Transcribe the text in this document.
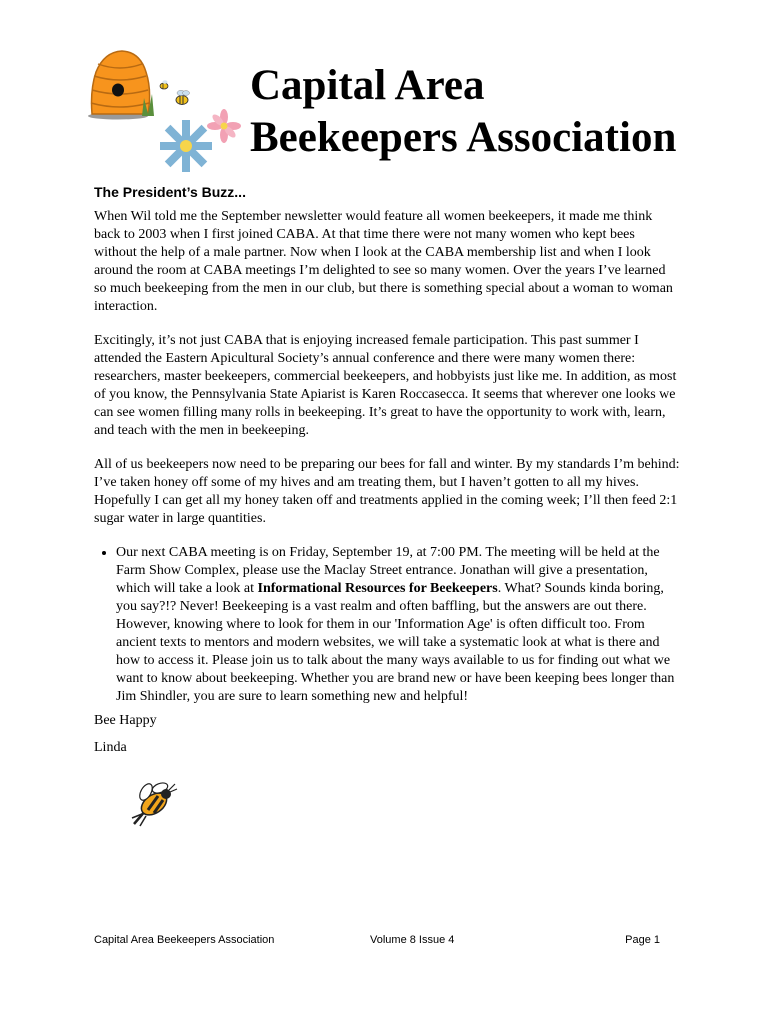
Capital Area
Beekeepers Association
The President’s Buzz...

When Wil told me the September newsletter would feature all women beekeepers, it made me think back to 2003 when I first joined CABA. At that time there were not many women who kept bees without the help of a male partner. Now when I look at the CABA membership list and when I look around the room at CABA meetings I’m delighted to see so many women. Over the years I’ve learned so much beekeeping from the men in our club, but there is something special about a woman to woman interaction.

Excitingly, it’s not just CABA that is enjoying increased female participation. This past summer I attended the Eastern Apicultural Society’s annual conference and there were many women there: researchers, master beekeepers, commercial beekeepers, and hobbyists just like me. In addition, as most of you know, the Pennsylvania State Apiarist is Karen Roccasecca. It seems that wherever one looks we can see women filling many rolls in beekeeping. It’s great to have the opportunity to work with, learn, and teach with the men in beekeeping.

All of us beekeepers now need to be preparing our bees for fall and winter. By my standards I’m behind: I’ve taken honey off some of my hives and am treating them, but I haven’t gotten to all my hives. Hopefully I can get all my honey taken off and treatments applied in the coming week; I’ll then feed 2:1 sugar water in large quantities.

• Our next CABA meeting is on Friday, September 19, at 7:00 PM. The meeting will be held at the Farm Show Complex, please use the Maclay Street entrance. Jonathan will give a presentation, which will take a look at Informational Resources for Beekeepers. What? Sounds kinda boring, you say?!? Never! Beekeeping is a vast realm and often baffling, but the answers are out there. However, knowing where to look for them in our 'Information Age' is often difficult too. From ancient texts to mentors and modern websites, we will take a systematic look at what is there and how to access it. Please join us to talk about the many ways available to us for finding out what we want to know about beekeeping. Whether you are brand new or have been keeping bees longer than Jim Shindler, you are sure to learn something new and helpful!

Bee Happy

Linda

Capital Area Beekeepers Association	Volume 8 Issue 4	Page 1
